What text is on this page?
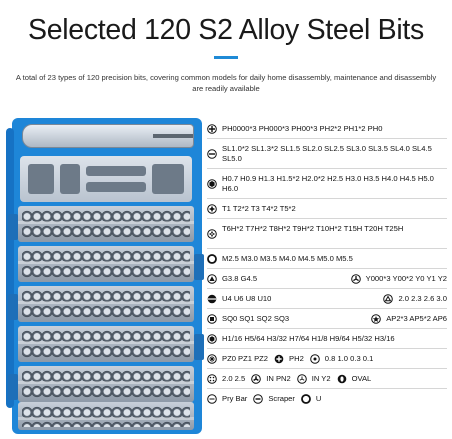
Selected 120 S2 Alloy Steel Bits
A total of 23 types of 120 precision bits, covering common models for daily home disassembly, maintenance and disassembly are readily available
PH0000*3 PH000*3 PH00*3 PH2*2 PH1*2 PH0
SL1.0*2 SL1.3*2 SL1.5 SL2.0 SL2.5 SL3.0 SL3.5 SL4.0 SL4.5 SL5.0
H0.7 H0.9 H1.3 H1.5*2 H2.0*2 H2.5 H3.0 H3.5 H4.0 H4.5 H5.0 H6.0
T1 T2*2 T3 T4*2 T5*2
T6H*2 T7H*2 T8H*2 T9H*2 T10H*2 T15H T20H T25H
M2.5 M3.0 M3.5 M4.0 M4.5 M5.0 M5.5
G3.8 G4.5	Y000*3 Y00*2 Y0 Y1 Y2
U4 U6 U8 U10	2.0 2.3 2.6 3.0
SQ0 SQ1 SQ2 SQ3	AP2*3 AP5*2 AP6
H1/16 H5/64 H3/32 H7/64 H1/8 H9/64 H5/32 H3/16
PZ0 PZ1 PZ2	PH2	0.8 1.0 0.3 0.1
2.0 2.5	IN PN2	IN Y2	OVAL
Pry Bar	Scraper	U
